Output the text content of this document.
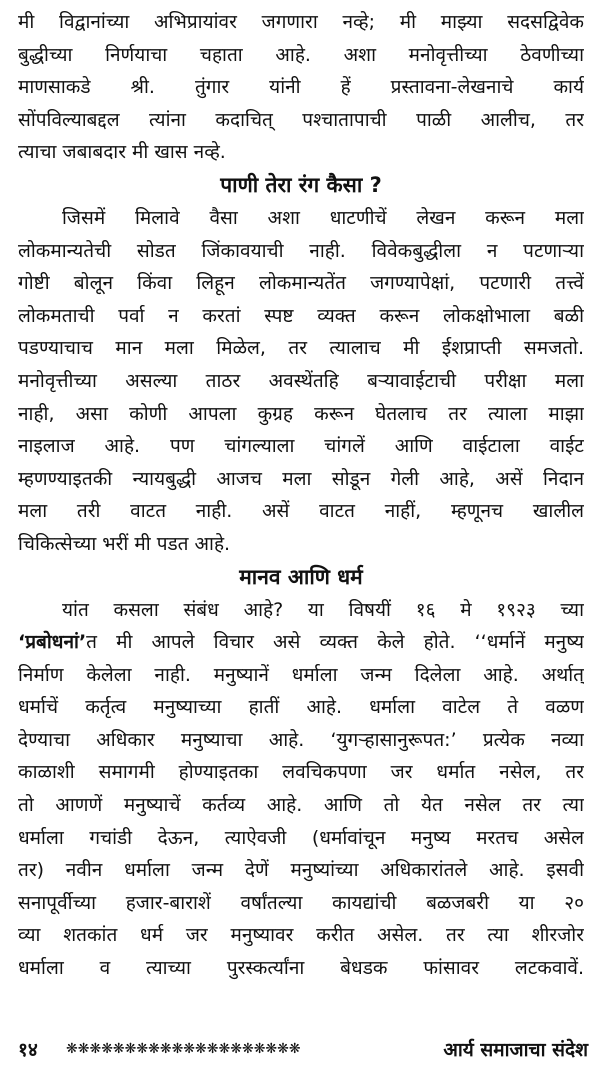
मी विद्वानांच्या अभिप्रायांवर जगणारा नव्हे; मी माझ्या सदसद्विवेक
बुद्धीच्या निर्णयाचा चहाता आहे. अशा मनोवृत्तीच्या ठेवणीच्या
माणसाकडे श्री. तुंगार यांनी हें प्रस्तावना-लेखनाचे कार्य
सोंपविल्याबद्दल त्यांना कदाचित् पश्चातापाची पाळी आलीच, तर
त्याचा जबाबदार मी खास नव्हे.
पाणी तेरा रंग कैसा ?
जिसमें मिलावे वैसा अशा धाटणीचें लेखन करून मला
लोकमान्यतेची सोडत जिंकावयाची नाही. विवेकबुद्धीला न पटणाऱ्या
गोष्टी बोलून किंवा लिहून लोकमान्यतेंत जगण्यापेक्षां, पटणारी तत्त्वें
लोकमताची पर्वा न करतां स्पष्ट व्यक्त करून लोकक्षोभाला बळी
पडण्याचाच मान मला मिळेल, तर त्यालाच मी ईशप्राप्ती समजतो.
मनोवृत्तीच्या असल्या ताठर अवस्थेंतहि बऱ्यावाईटाची परीक्षा मला
नाही, असा कोणी आपला कुग्रह करून घेतलाच तर त्याला माझा
नाइलाज आहे. पण चांगल्याला चांगलें आणि वाईटाला वाईट
म्हणण्याइतकी न्यायबुद्धी आजच मला सोडून गेली आहे, असें निदान
मला तरी वाटत नाही. असें वाटत नाहीं, म्हणूनच खालील
चिकित्सेच्या भरीं मी पडत आहे.
मानव आणि धर्म
यांत कसला संबंध आहे? या विषयीं १६ मे १९२३ च्या
‘प्रबोधनां’त मी आपले विचार असे व्यक्त केले होते. ‘‘धर्मानें मनुष्य
निर्माण केलेला नाही. मनुष्यानें धर्माला जन्म दिलेला आहे. अर्थात्
धर्माचें कर्तृत्व मनुष्याच्या हातीं आहे. धर्माला वाटेल ते वळण
देण्याचा अधिकार मनुष्याचा आहे. ‘युगऱ्हासानुरूपत:’ प्रत्येक नव्या
काळाशी समागमी होण्याइतका लवचिकपणा जर धर्मात नसेल, तर
तो आणणें मनुष्याचें कर्तव्य आहे. आणि तो येत नसेल तर त्या
धर्माला गचांडी देऊन, त्याऐवजी (धर्मावांचून मनुष्य मरतच असेल
तर) नवीन धर्माला जन्म देणें मनुष्यांच्या अधिकारांतले आहे. इसवी
सनापूर्वीच्या हजार-बाराशें वर्षांतल्या कायद्यांची बळजबरी या २०
व्या शतकांत धर्म जर मनुष्यावर करीत असेल. तर त्या शीरजोर
धर्माला व त्याच्या पुरस्कर्त्यांना बेधडक फांसावर लटकवावें.
१४	❋❋❋❋❋❋❋❋❋❋❋❋❋❋❋❋❋❋❋❋	आर्य समाजाचा संदेश
